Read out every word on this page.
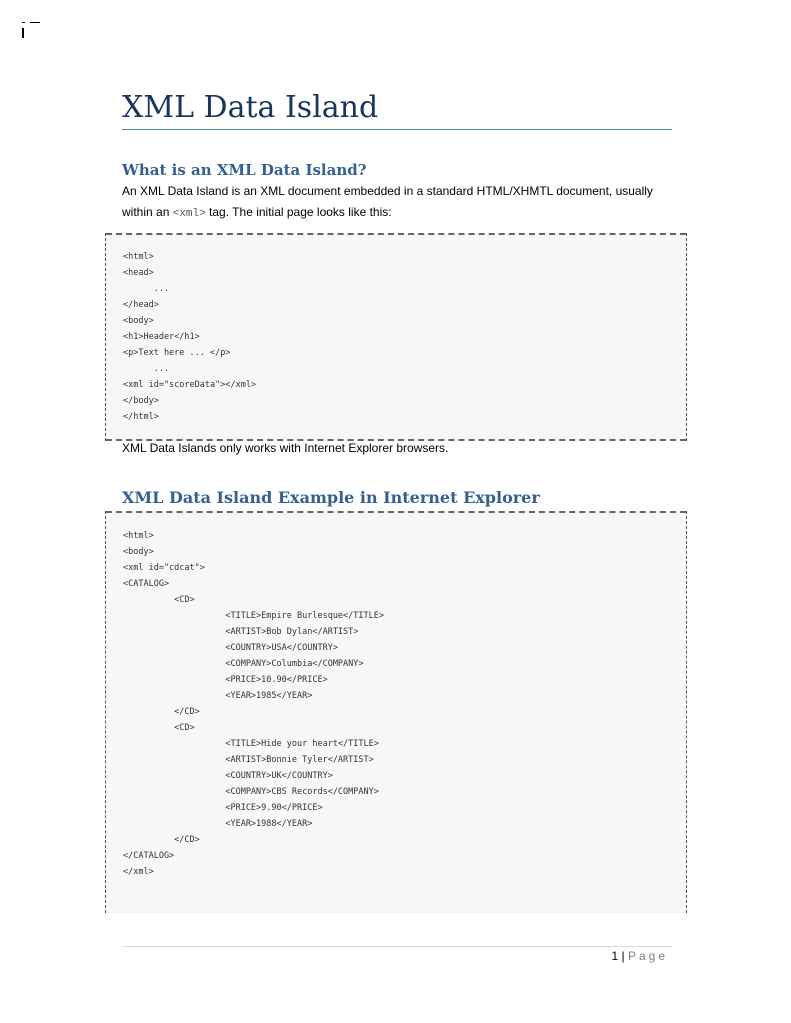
XML Data Island
What is an XML Data Island?
An XML Data Island is an XML document embedded in a standard HTML/XHMTL document, usually
within an <xml> tag. The initial page looks like this:
<html>
<head>
...
</head>
<body>
<h1>Header</h1>
<p>Text here ... </p>
...
<xml id="scoreData"></xml>
</body>
</html>
XML Data Islands only works with Internet Explorer browsers.
XML Data Island Example in Internet Explorer
<html>
<body>
<xml id="cdcat">
<CATALOG>
<CD>
<TITLE>Empire Burlesque</TITLE>
<ARTIST>Bob Dylan</ARTIST>
<COUNTRY>USA</COUNTRY>
<COMPANY>Columbia</COMPANY>
<PRICE>10.90</PRICE>
<YEAR>1985</YEAR>
</CD>
<CD>
<TITLE>Hide your heart</TITLE>
<ARTIST>Bonnie Tyler</ARTIST>
<COUNTRY>UK</COUNTRY>
<COMPANY>CBS Records</COMPANY>
<PRICE>9.90</PRICE>
<YEAR>1988</YEAR>
</CD>
</CATALOG>
</xml>
1 | Page
